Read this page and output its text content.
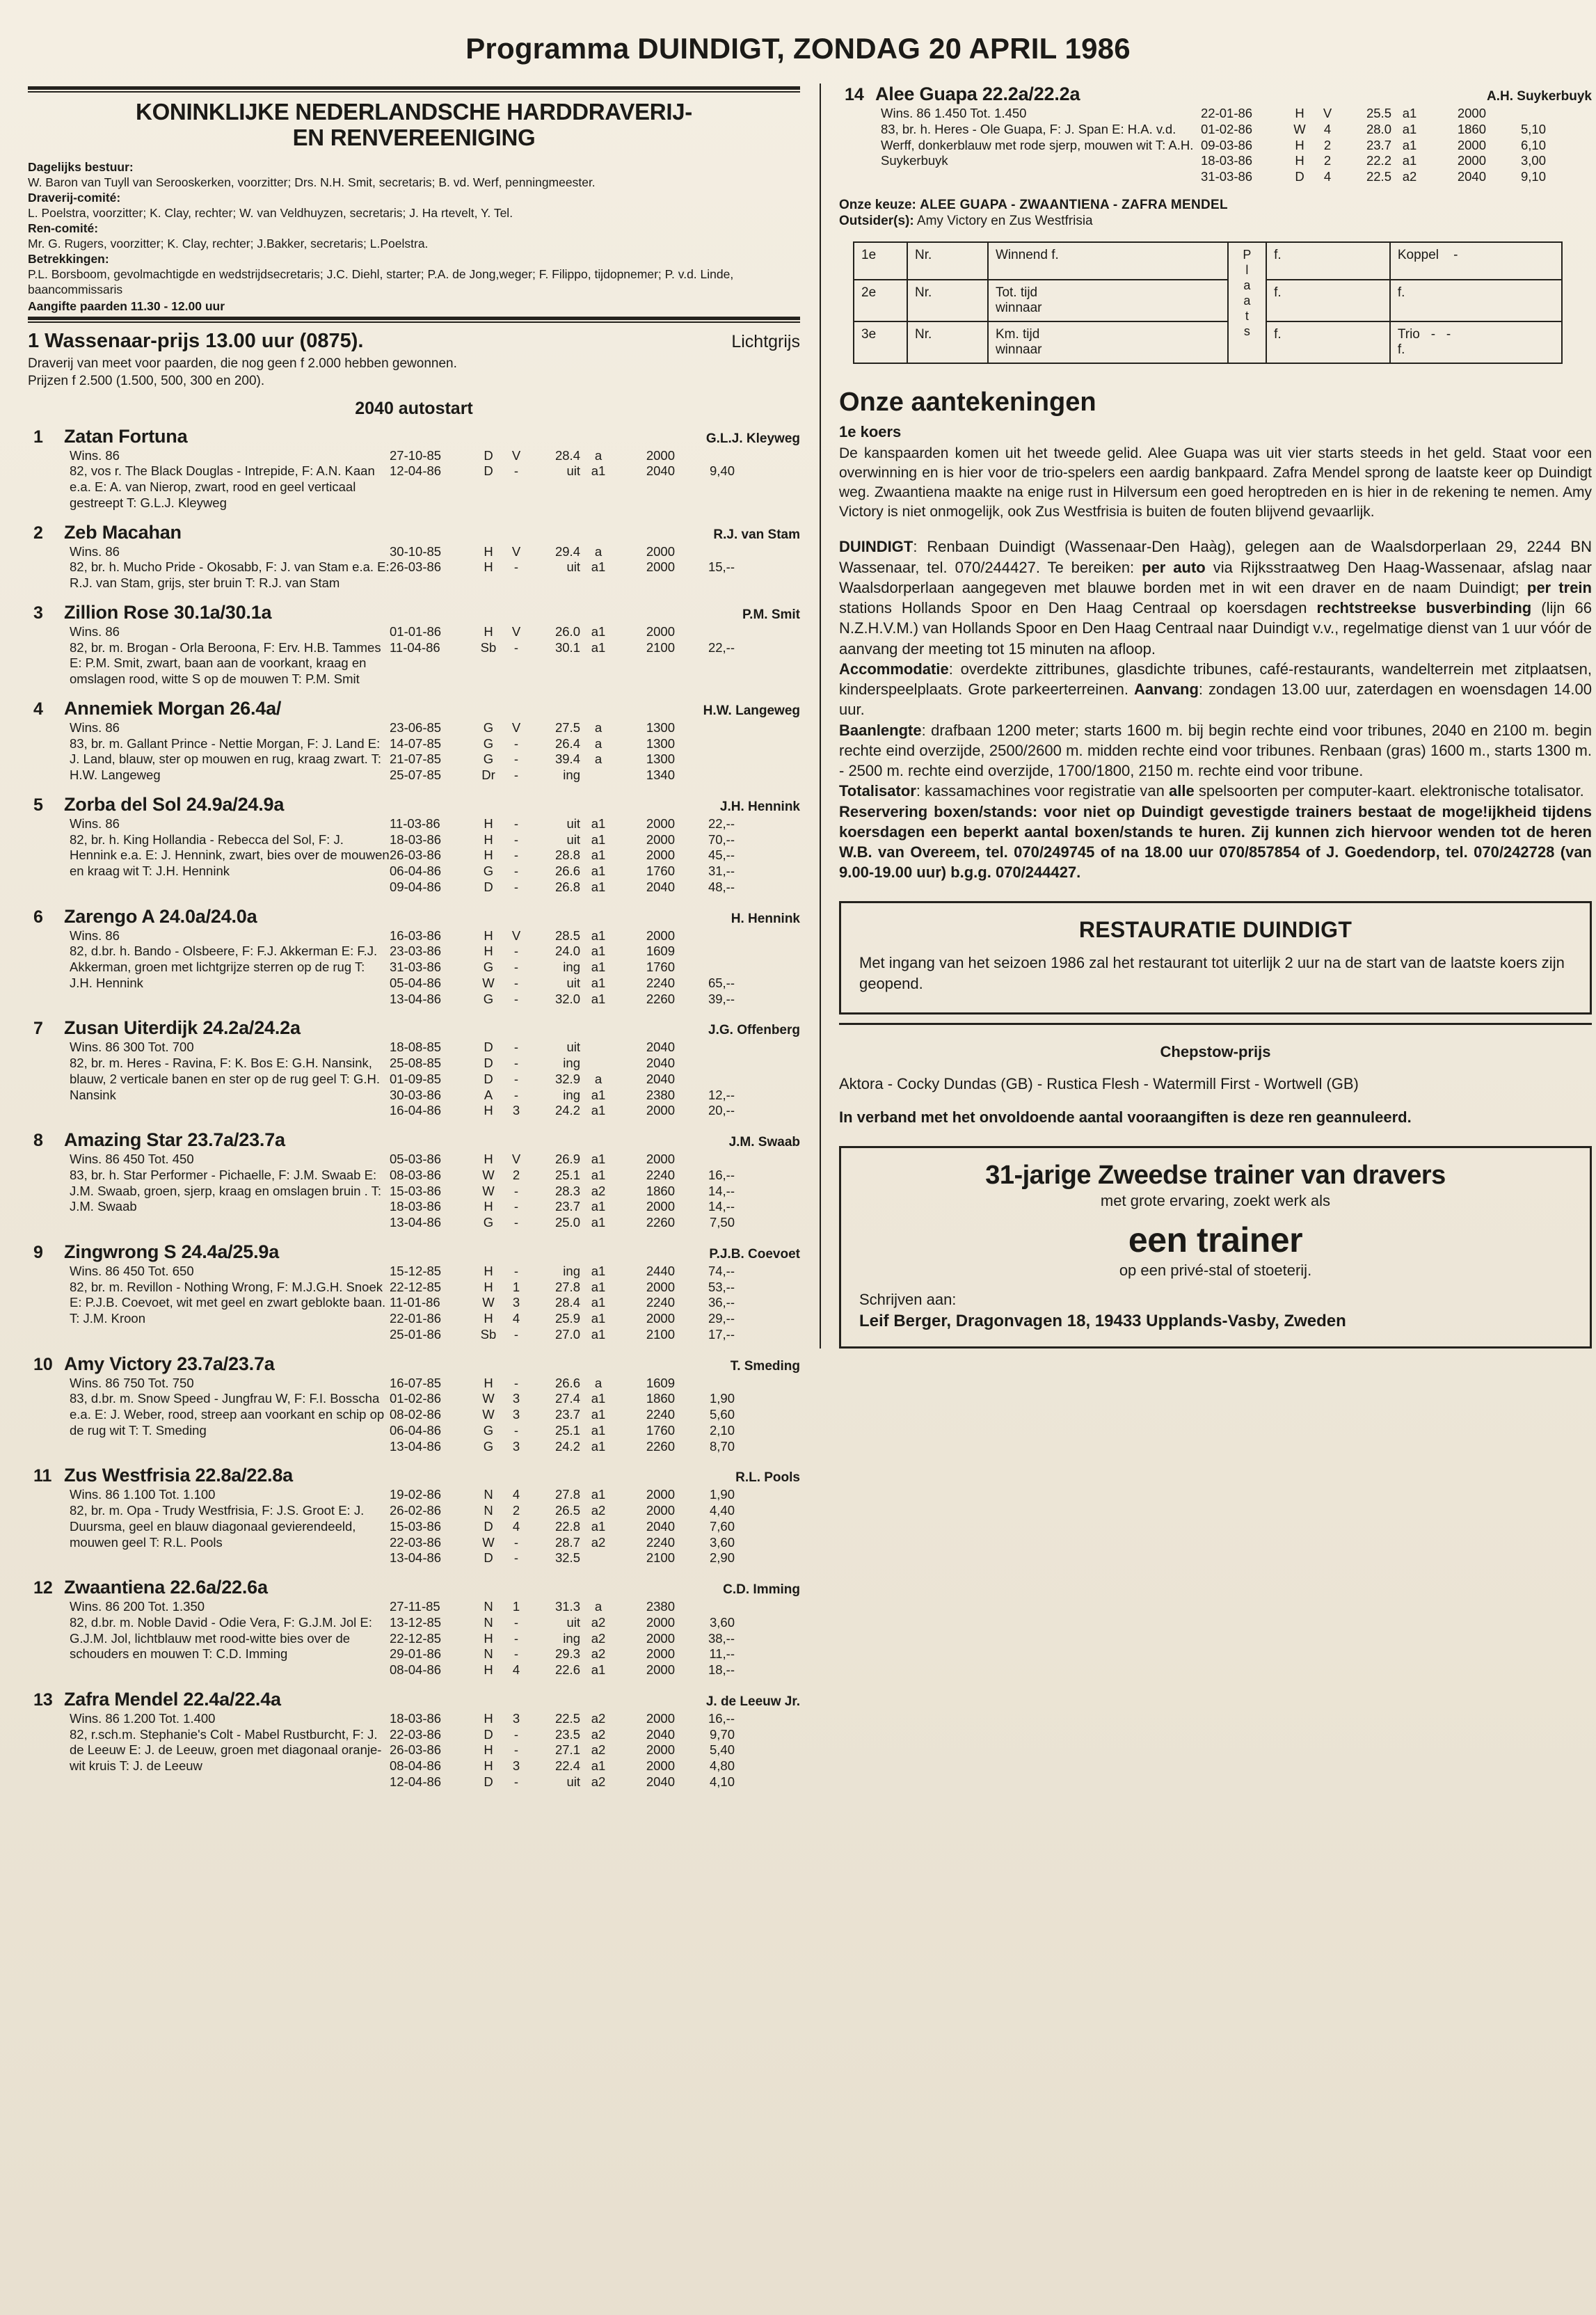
Programma DUINDIGT, ZONDAG 20 APRIL 1986
KONINKLIJKE NEDERLANDSCHE HARDDRAVERIJ-
EN RENVEREENIGING

Dagelijks bestuur:
W. Baron van Tuyll van Serooskerken, voorzitter; Drs. N.H. Smit, secretaris; B. vd. Werf, penningmeester.

Draverij-comité:
L. Poelstra, voorzitter; K. Clay, rechter; W. van Veldhuyzen, secretaris; J. Ha rtevelt, Y. Tel.

Ren-comité:
Mr. G. Rugers, voorzitter; K. Clay, rechter; J.Bakker, secretaris; L.Poelstra.

Betrekkingen:
P.L. Borsboom, gevolmachtigde en wedstrijdsecretaris; J.C. Diehl, starter; P.A. de Jong,weger; F. Filippo, tijdopnemer; P. v.d. Linde, baancommissaris

Aangifte paarden 11.30 - 12.00 uur
1 Wassenaar-prijs 13.00 uur (0875).	Lichtgrijs
Draverij van meet voor paarden, die nog geen f 2.000 hebben gewonnen.
Prijzen f 2.500 (1.500, 500, 300 en 200).
2040 autostart
1	Zatan Fortuna	G.L.J. Kleyweg
Wins. 86
82, vos r. The Black Douglas - Intrepide, F: A.N. Kaan e.a. E: A. van Nierop, zwart, rood en geel verticaal gestreept T: G.L.J. Kleyweg
27-10-85	D	V	28.4	a	2000
12-04-86	D	-	uit a1	2040	9,40
2	Zeb Macahan	R.J. van Stam
Wins. 86
82, br. h. Mucho Pride - Okosabb, F: J. van Stam e.a. E: R.J. van Stam, grijs, ster bruin T: R.J. van Stam
30-10-85	H	V	29.4	a	2000
26-03-86	H	-	uit a1	2000	15,--
3	Zillion Rose 30.1a/30.1a	P.M. Smit
Wins. 86
82, br. m. Brogan - Orla Beroona, F: Erv. H.B. Tammes E: P.M. Smit, zwart, baan aan de voorkant, kraag en omslagen rood, witte S op de mouwen T: P.M. Smit
01-01-86	H	V	26.0 a1	2000
11-04-86	Sb	-	30.1 a1	2100	22,--
4	Annemiek Morgan 26.4a/	H.W. Langeweg
Wins. 86
83, br. m. Gallant Prince - Nettie Morgan, F: J. Land E: J. Land, blauw, ster op mouwen en rug, kraag zwart. T: H.W. Langeweg
23-06-85	G	V	27.5	a	1300
14-07-85	G	-	26.4	a	1300
21-07-85	G	-	39.4	a	1300
25-07-85	Dr	-	ing	1340
5	Zorba del Sol 24.9a/24.9a	J.H. Hennink
Wins. 86
82, br. h. King Hollandia - Rebecca del Sol, F: J. Hennink e.a. E: J. Hennink, zwart, bies over de mouwen en kraag wit T: J.H. Hennink
11-03-86	H	-	uit a1	2000	22,--
18-03-86	H	-	uit a1	2000	70,--
26-03-86	H	-	28.8 a1	2000	45,--
06-04-86	G	-	26.6 a1	1760	31,--
09-04-86	D	-	26.8 a1	2040	48,--
6	Zarengo A 24.0a/24.0a	H. Hennink
Wins. 86
82, d.br. h. Bando - Olsbeere, F: F.J. Akkerman E: F.J. Akkerman, groen met lichtgrijze sterren op de rug T: J.H. Hennink
16-03-86	H	V	28.5 a1	2000
23-03-86	H	-	24.0 a1	1609
31-03-86	G	-	ing a1	1760
05-04-86	W	-	uit a1	2240	65,--
13-04-86	G	-	32.0 a1	2260	39,--
7	Zusan Uiterdijk 24.2a/24.2a	J.G. Offenberg
Wins. 86 300 Tot. 700
82, br. m. Heres - Ravina, F: K. Bos E: G.H. Nansink, blauw, 2 verticale banen en ster op de rug geel T: G.H. Nansink
18-08-85	D	-	uit	2040
25-08-85	D	-	ing	2040
01-09-85	D	-	32.9	a	2040
30-03-86	A	-	ing a1	2380	12,--
16-04-86	H	3	24.2 a1	2000	20,--
8	Amazing Star 23.7a/23.7a	J.M. Swaab
Wins. 86 450 Tot. 450
83, br. h. Star Performer - Pichaelle, F: J.M. Swaab E: J.M. Swaab, groen, sjerp, kraag en omslagen bruin . T: J.M. Swaab
05-03-86	H	V	26.9 a1	2000
08-03-86	W	2	25.1 a1	2240	16,--
15-03-86	W	-	28.3 a2	1860	14,--
18-03-86	H	-	23.7 a1	2000	14,--
13-04-86	G	-	25.0 a1	2260	7,50
9	Zingwrong S 24.4a/25.9a	P.J.B. Coevoet
Wins. 86 450 Tot. 650
82, br. m. Revillon - Nothing Wrong, F: M.J.G.H. Snoek E: P.J.B. Coevoet, wit met geel en zwart gebloktе baan. T: J.M. Kroon
15-12-85	H	-	ing a1	2440	74,--
22-12-85	H	1	27.8 a1	2000	53,--
11-01-86	W	3	28.4 a1	2240	36,--
22-01-86	H	4	25.9 a1	2000	29,--
25-01-86	Sb	-	27.0 a1	2100	17,--
10 Amy Victory 23.7a/23.7a	T. Smeding
Wins. 86 750 Tot. 750
83, d.br. m. Snow Speed - Jungfrau W, F: F.I. Bosscha e.a. E: J. Weber, rood, streep aan voorkant en schip op de rug wit T: T. Smeding
16-07-85	H	-	26.6	a	1609
01-02-86	W	3	27.4 a1	1860	1,90
08-02-86	W	3	23.7 a1	2240	5,60
06-04-86	G	-	25.1 a1	1760	2,10
13-04-86	G	3	24.2 a1	2260	8,70
11 Zus Westfrisia 22.8a/22.8a	R.L. Pools
Wins. 86 1.100 Tot. 1.100
82, br. m. Opa - Trudy Westfrisia, F: J.S. Groot E: J. Duursma, geel en blauw diagonaal gevierendeeld, mouwen geel T: R.L. Pools
19-02-86	N	4	27.8 a1	2000	1,90
26-02-86	N	2	26.5 a2	2000	4,40
15-03-86	D	4	22.8 a1	2040	7,60
22-03-86	W	-	28.7 a2	2240	3,60
13-04-86	D	-	32.5	2100	2,90
12 Zwaantiena 22.6a/22.6a	C.D. Imming
Wins. 86 200 Tot. 1.350
82, d.br. m. Noble David - Odie Vera, F: G.J.M. Jol E: G.J.M. Jol, lichtblauw met rood-witte bies over de schouders en mouwen T: C.D. Imming
27-11-85	N	1	31.3	a	2380
13-12-85	N	-	uit a2	2000	3,60
22-12-85	H	-	ing a2	2000	38,--
29-01-86	N	-	29.3 a2	2000	11,--
08-04-86	H	4	22.6 a1	2000	18,--
13 Zafra Mendel 22.4a/22.4a	J. de Leeuw Jr.
Wins. 86 1.200 Tot. 1.400
82, r.sch.m. Stephanie's Colt - Mabel Rustburcht, F: J. de Leeuw E: J. de Leeuw, groen met diagonaal oranje-wit kruis T: J. de Leeuw
18-03-86	H	3	22.5 a2	2000	16,--
22-03-86	D	-	23.5 a2	2040	9,70
26-03-86	H	-	27.1 a2	2000	5,40
08-04-86	H	3	22.4 a1	2000	4,80
12-04-86	D	-	uit a2	2040	4,10
14 Alee Guapa 22.2a/22.2a	A.H. Suykerbuyk
Wins. 86 1.450 Tot. 1.450
83, br. h. Heres - Ole Guapa, F: J. Span E: H.A. v.d. Werff, donkerblauw met rode sjerp, mouwen wit T: A.H. Suykerbuyk
22-01-86	H	V	25.5 a1	2000
01-02-86	W	4	28.0 a1	1860	5,10
09-03-86	H	2	23.7 a1	2000	6,10
18-03-86	H	2	22.2 a1	2000	3,00
31-03-86	D	4	22.5 a2	2040	9,10
Onze keuze: ALEE GUAPA - ZWAANTIENA - ZAFRA MENDEL
Outsider(s): Amy Victory en Zus Westfrisia
1e	Nr.	Winnend f.	Plaats	f.	Koppel -
2e	Nr.	Tot. tijd
winnaar		f.	f.
3e	Nr.	Km. tijd
winnaar		f.	Trio - -
f.
Onze aantekeningen
1e koers
De kanspaarden komen uit het tweede gelid. Alee Guapa was uit vier starts steeds in het geld. Staat voor een overwinning en is hier voor de trio-spelers een aardig bankpaard. Zafra Mendel sprong de laatste keer op Duindigt weg. Zwaantiena maakte na enige rust in Hilversum een goed heroptreden en is hier in de rekening te nemen. Amy Victory is niet onmogelijk, ook Zus Westfrisia is buiten de fouten blijvend gevaarlijk.
DUINDIGT: Renbaan Duindigt (Wassenaar-Den Haàg), gelegen aan de Waalsdorperlaan 29, 2244 BN Wassenaar, tel. 070/244427. Te bereiken: per auto via Rijksstraatweg Den Haag-Wassenaar, afslag naar Waalsdorperlaan aangegeven met blauwe borden met in wit een draver en de naam Duindigt; per trein stations Hollands Spoor en Den Haag Centraal op koersdagen rechtstreekse busverbinding (lijn 66 N.Z.H.V.M.) van Hollands Spoor en Den Haag Centraal naar Duindigt v.v., regelmatige dienst van 1 uur vóór de aanvang der meeting tot 15 minuten na afloop.
Accommodatie: overdekte zittribunes, glasdichte tribunes, café-restaurants, wandelterrein met zitplaatsen, kinderspeelplaats. Grote parkeerterreinen. Aanvang: zondagen 13.00 uur, zaterdagen en woensdagen 14.00 uur.
Baanlengte: drafbaan 1200 meter; starts 1600 m. bij begin rechte eind voor tribunes, 2040 en 2100 m. begin rechte eind overzijde, 2500/2600 m. midden rechte eind voor tribunes. Renbaan (gras) 1600 m., starts 1300 m. - 2500 m. rechte eind overzijde, 1700/1800, 2150 m. rechte eind voor tribune.
Totalisator: kassamachines voor registratie van alle spelsoorten per computer-kaart. elektronische totalisator.
Reservering boxen/stands: voor niet op Duindigt gevestigde trainers bestaat de moge!ijkheid tijdens koersdagen een beperkt aantal boxen/stands te huren. Zij kunnen zich hiervoor wenden tot de heren W.B. van Overeem, tel. 070/249745 of na 18.00 uur 070/857854 of J. Goedendorp, tel. 070/242728 (van 9.00-19.00 uur) b.g.g. 070/244427.
RESTAURATIE DUINDIGT
Met ingang van het seizoen 1986 zal het restaurant tot uiterlijk 2 uur na de start van de laatste koers zijn geopend.
Chepstow-prijs
Aktora - Cocky Dundas (GB) - Rustica Flesh - Watermill First - Wortwell (GB)
In verband met het onvoldoende aantal vooraangiften is deze ren geannuleerd.
31-jarige Zweedse trainer van dravers
met grote ervaring, zoekt werk als
een trainer
op een privé-stal of stoeterij.
Schrijven aan:
Leif Berger, Dragonvagen 18, 19433 Upplands-Vasby, Zweden
